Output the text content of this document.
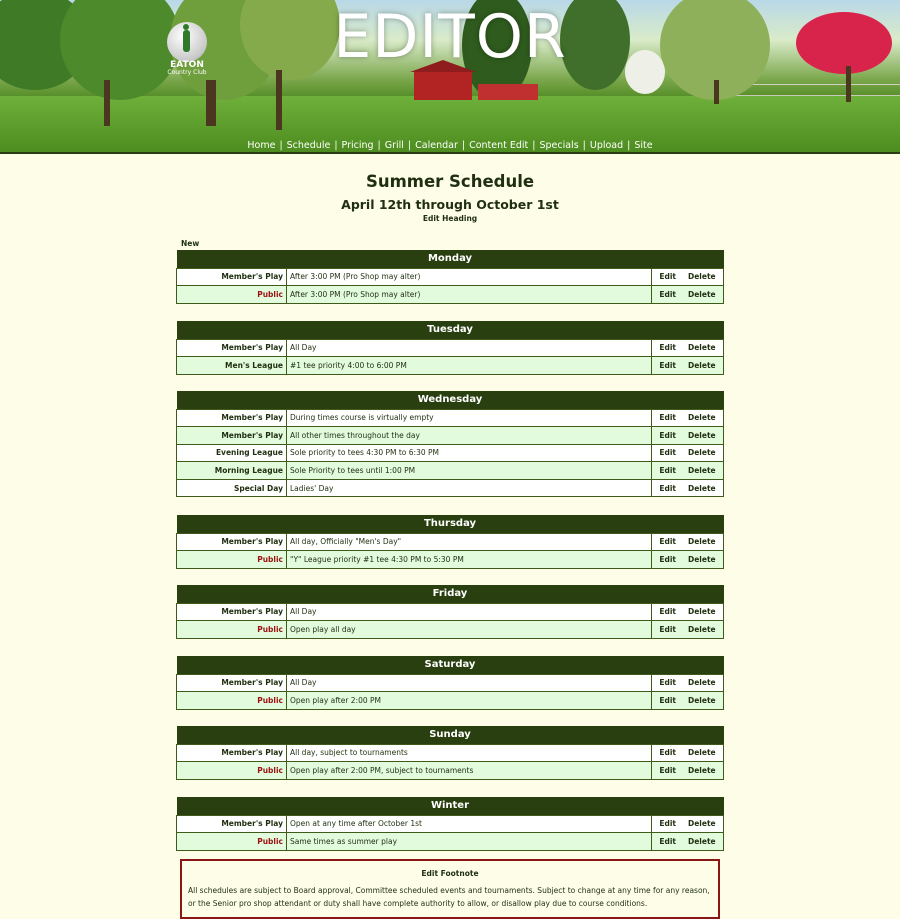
EDITOR
EATON
Country Club
Home | Schedule | Pricing | Grill | Calendar | Content Edit | Specials | Upload | Site
Summer Schedule
April 12th through October 1st
Edit Heading
New
Monday		
Member's Play	After 3:00 PM (Pro Shop may alter)	Edit Delete
Public	After 3:00 PM (Pro Shop may alter)	Edit Delete
Tuesday		
Member's Play	All Day	Edit Delete
Men's League	#1 tee priority 4:00 to 6:00 PM	Edit Delete
Wednesday		
Member's Play	During times course is virtually empty	Edit Delete
Member's Play	All other times throughout the day	Edit Delete
Evening League	Sole priority to tees 4:30 PM to 6:30 PM	Edit Delete
Morning League	Sole Priority to tees until 1:00 PM	Edit Delete
Special Day	Ladies' Day	Edit Delete
Thursday		
Member's Play	All day, Officially "Men's Day"	Edit Delete
Public	"Y" League priority #1 tee 4:30 PM to 5:30 PM	Edit Delete
Friday		
Member's Play	All Day	Edit Delete
Public	Open play all day	Edit Delete
Saturday		
Member's Play	All Day	Edit Delete
Public	Open play after 2:00 PM	Edit Delete
Sunday		
Member's Play	All day, subject to tournaments	Edit Delete
Public	Open play after 2:00 PM, subject to tournaments	Edit Delete
Winter		
Member's Play	Open at any time after October 1st	Edit Delete
Public	Same times as summer play	Edit Delete
Edit Footnote
All schedules are subject to Board approval, Committee scheduled events and tournaments. Subject to change at any time for any reason, or the Senior pro shop attendant or duty shall have complete authority to allow, or disallow play due to course conditions.
